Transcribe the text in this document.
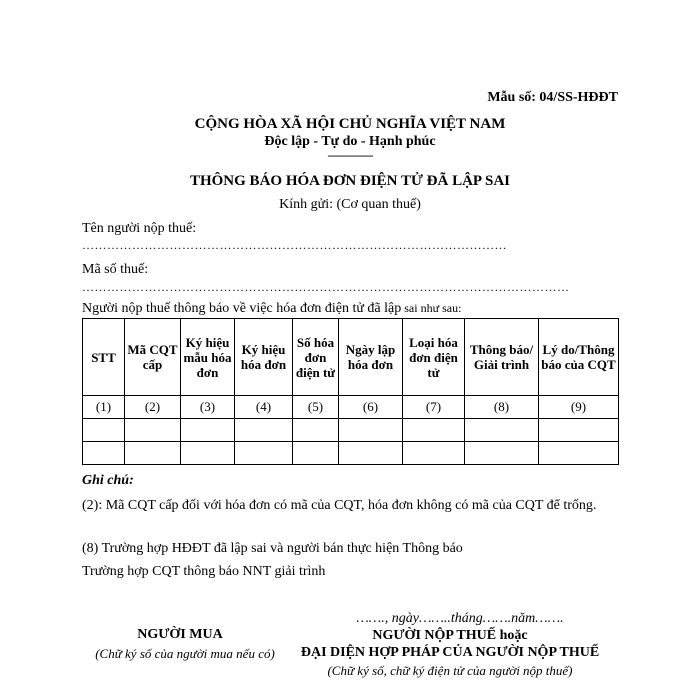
Mẫu số: 04/SS-HĐĐT
CỘNG HÒA XÃ HỘI CHỦ NGHĨA VIỆT NAM
Độc lập - Tự do - Hạnh phúc
---------------
THÔNG BÁO HÓA ĐƠN ĐIỆN TỬ ĐÃ LẬP SAI
Kính gửi: (Cơ quan thuế)
Tên người nộp thuế:
…………………………………………………………………………………………
Mã số thuế:
………………………………………………………………………………………………………
Người nộp thuế thông báo về việc hóa đơn điện tử đã lập sai như sau:
STT	Mã CQT cấp	Ký hiệu mẫu hóa đơn	Ký hiệu hóa đơn	Số hóa đơn điện tử	Ngày lập hóa đơn	Loại hóa đơn điện tử	Thông báo/ Giải trình	Lý do/Thông báo của CQT
(1)	(2)	(3)	(4)	(5)	(6)	(7)	(8)	(9)

Ghi chú:
(2): Mã CQT cấp đối với hóa đơn có mã của CQT, hóa đơn không có mã của CQT để trống.
(8) Trường hợp HĐĐT đã lập sai và người bán thực hiện Thông báo
Trường hợp CQT thông báo NNT giải trình
……., ngày……..tháng…….năm…….
NGƯỜI MUA
(Chữ ký số của người mua nếu có)
NGƯỜI NỘP THUẾ hoặc
ĐẠI DIỆN HỢP PHÁP CỦA NGƯỜI NỘP THUẾ
(Chữ ký số, chữ ký điện tử của người nộp thuế)
